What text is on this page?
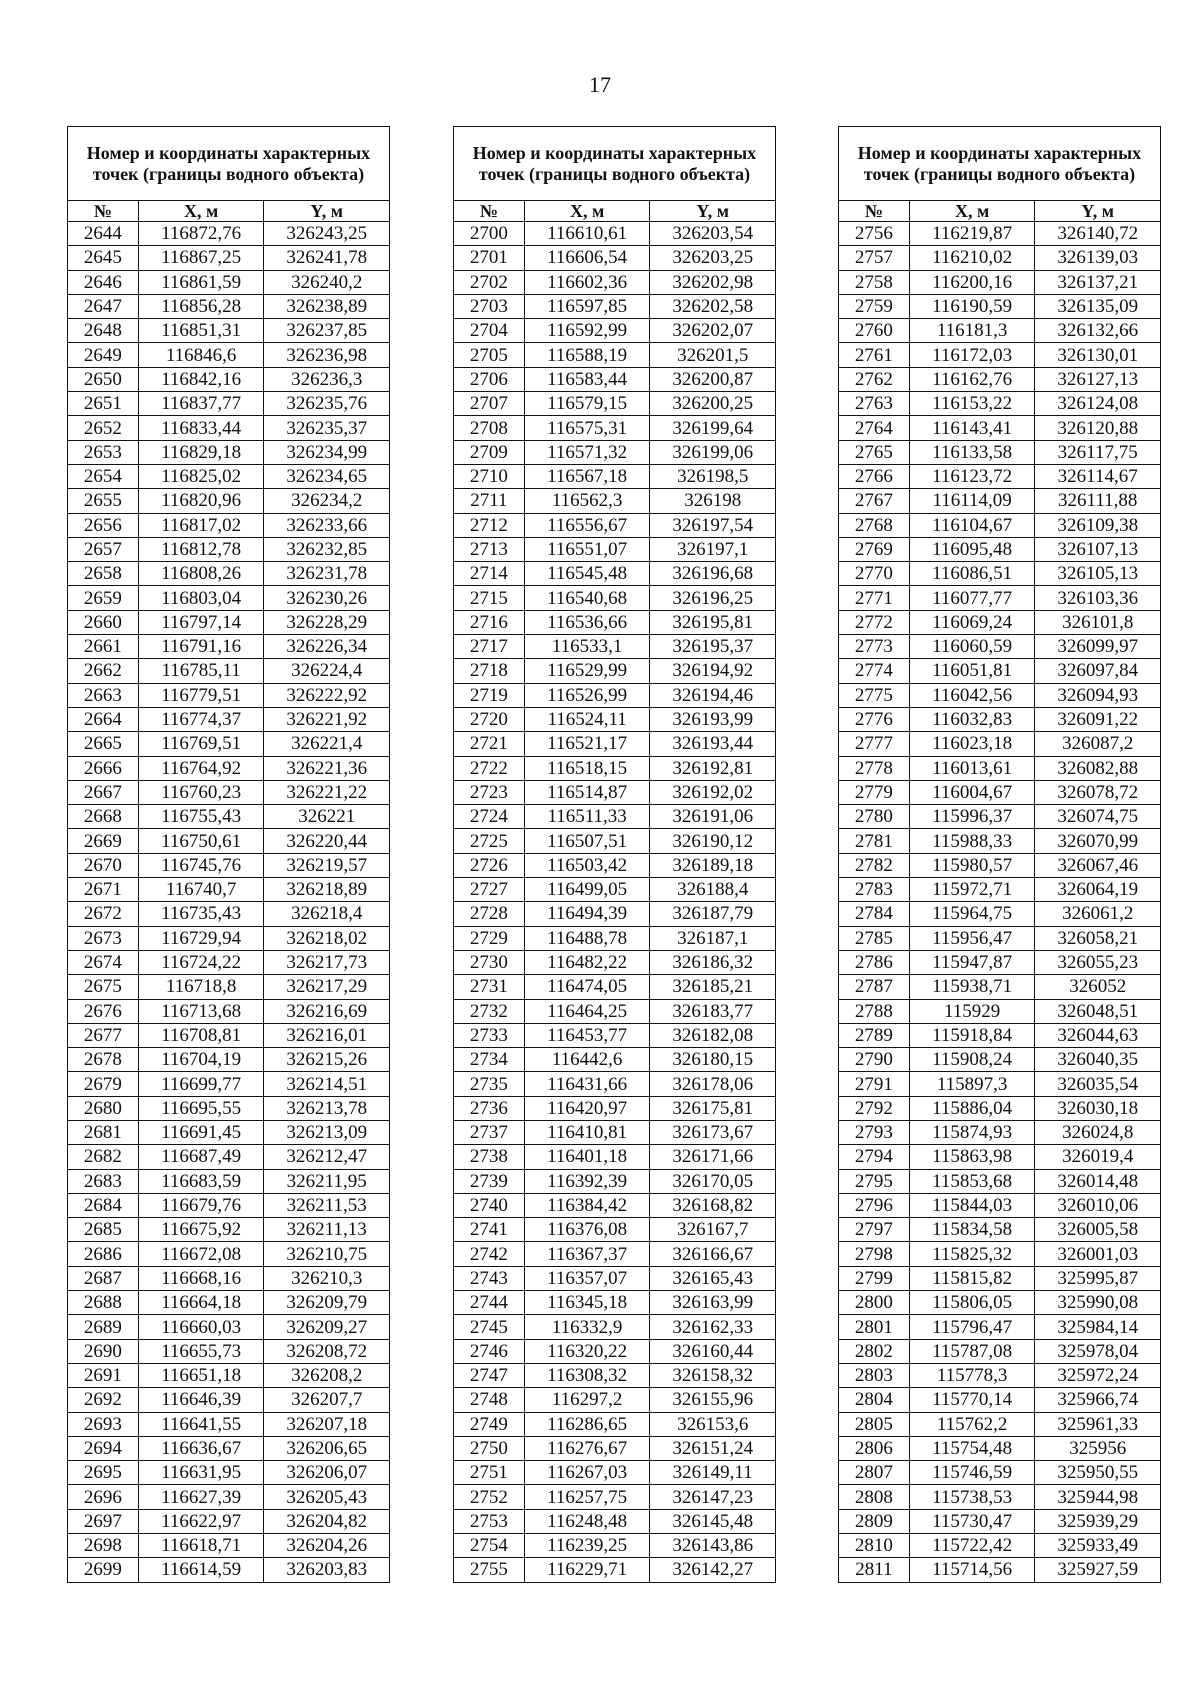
17
Номер и координаты характерных точек (границы водного объекта)		
№	X, м	Y, м
2644	116872,76	326243,25
2645	116867,25	326241,78
2646	116861,59	326240,2
2647	116856,28	326238,89
2648	116851,31	326237,85
2649	116846,6	326236,98
2650	116842,16	326236,3
2651	116837,77	326235,76
2652	116833,44	326235,37
2653	116829,18	326234,99
2654	116825,02	326234,65
2655	116820,96	326234,2
2656	116817,02	326233,66
2657	116812,78	326232,85
2658	116808,26	326231,78
2659	116803,04	326230,26
2660	116797,14	326228,29
2661	116791,16	326226,34
2662	116785,11	326224,4
2663	116779,51	326222,92
2664	116774,37	326221,92
2665	116769,51	326221,4
2666	116764,92	326221,36
2667	116760,23	326221,22
2668	116755,43	326221
2669	116750,61	326220,44
2670	116745,76	326219,57
2671	116740,7	326218,89
2672	116735,43	326218,4
2673	116729,94	326218,02
2674	116724,22	326217,73
2675	116718,8	326217,29
2676	116713,68	326216,69
2677	116708,81	326216,01
2678	116704,19	326215,26
2679	116699,77	326214,51
2680	116695,55	326213,78
2681	116691,45	326213,09
2682	116687,49	326212,47
2683	116683,59	326211,95
2684	116679,76	326211,53
2685	116675,92	326211,13
2686	116672,08	326210,75
2687	116668,16	326210,3
2688	116664,18	326209,79
2689	116660,03	326209,27
2690	116655,73	326208,72
2691	116651,18	326208,2
2692	116646,39	326207,7
2693	116641,55	326207,18
2694	116636,67	326206,65
2695	116631,95	326206,07
2696	116627,39	326205,43
2697	116622,97	326204,82
2698	116618,71	326204,26
2699	116614,59	326203,83
Номер и координаты характерных точек (границы водного объекта)		
№	X, м	Y, м
2700	116610,61	326203,54
2701	116606,54	326203,25
2702	116602,36	326202,98
2703	116597,85	326202,58
2704	116592,99	326202,07
2705	116588,19	326201,5
2706	116583,44	326200,87
2707	116579,15	326200,25
2708	116575,31	326199,64
2709	116571,32	326199,06
2710	116567,18	326198,5
2711	116562,3	326198
2712	116556,67	326197,54
2713	116551,07	326197,1
2714	116545,48	326196,68
2715	116540,68	326196,25
2716	116536,66	326195,81
2717	116533,1	326195,37
2718	116529,99	326194,92
2719	116526,99	326194,46
2720	116524,11	326193,99
2721	116521,17	326193,44
2722	116518,15	326192,81
2723	116514,87	326192,02
2724	116511,33	326191,06
2725	116507,51	326190,12
2726	116503,42	326189,18
2727	116499,05	326188,4
2728	116494,39	326187,79
2729	116488,78	326187,1
2730	116482,22	326186,32
2731	116474,05	326185,21
2732	116464,25	326183,77
2733	116453,77	326182,08
2734	116442,6	326180,15
2735	116431,66	326178,06
2736	116420,97	326175,81
2737	116410,81	326173,67
2738	116401,18	326171,66
2739	116392,39	326170,05
2740	116384,42	326168,82
2741	116376,08	326167,7
2742	116367,37	326166,67
2743	116357,07	326165,43
2744	116345,18	326163,99
2745	116332,9	326162,33
2746	116320,22	326160,44
2747	116308,32	326158,32
2748	116297,2	326155,96
2749	116286,65	326153,6
2750	116276,67	326151,24
2751	116267,03	326149,11
2752	116257,75	326147,23
2753	116248,48	326145,48
2754	116239,25	326143,86
2755	116229,71	326142,27
Номер и координаты характерных точек (границы водного объекта)		
№	X, м	Y, м
2756	116219,87	326140,72
2757	116210,02	326139,03
2758	116200,16	326137,21
2759	116190,59	326135,09
2760	116181,3	326132,66
2761	116172,03	326130,01
2762	116162,76	326127,13
2763	116153,22	326124,08
2764	116143,41	326120,88
2765	116133,58	326117,75
2766	116123,72	326114,67
2767	116114,09	326111,88
2768	116104,67	326109,38
2769	116095,48	326107,13
2770	116086,51	326105,13
2771	116077,77	326103,36
2772	116069,24	326101,8
2773	116060,59	326099,97
2774	116051,81	326097,84
2775	116042,56	326094,93
2776	116032,83	326091,22
2777	116023,18	326087,2
2778	116013,61	326082,88
2779	116004,67	326078,72
2780	115996,37	326074,75
2781	115988,33	326070,99
2782	115980,57	326067,46
2783	115972,71	326064,19
2784	115964,75	326061,2
2785	115956,47	326058,21
2786	115947,87	326055,23
2787	115938,71	326052
2788	115929	326048,51
2789	115918,84	326044,63
2790	115908,24	326040,35
2791	115897,3	326035,54
2792	115886,04	326030,18
2793	115874,93	326024,8
2794	115863,98	326019,4
2795	115853,68	326014,48
2796	115844,03	326010,06
2797	115834,58	326005,58
2798	115825,32	326001,03
2799	115815,82	325995,87
2800	115806,05	325990,08
2801	115796,47	325984,14
2802	115787,08	325978,04
2803	115778,3	325972,24
2804	115770,14	325966,74
2805	115762,2	325961,33
2806	115754,48	325956
2807	115746,59	325950,55
2808	115738,53	325944,98
2809	115730,47	325939,29
2810	115722,42	325933,49
2811	115714,56	325927,59
